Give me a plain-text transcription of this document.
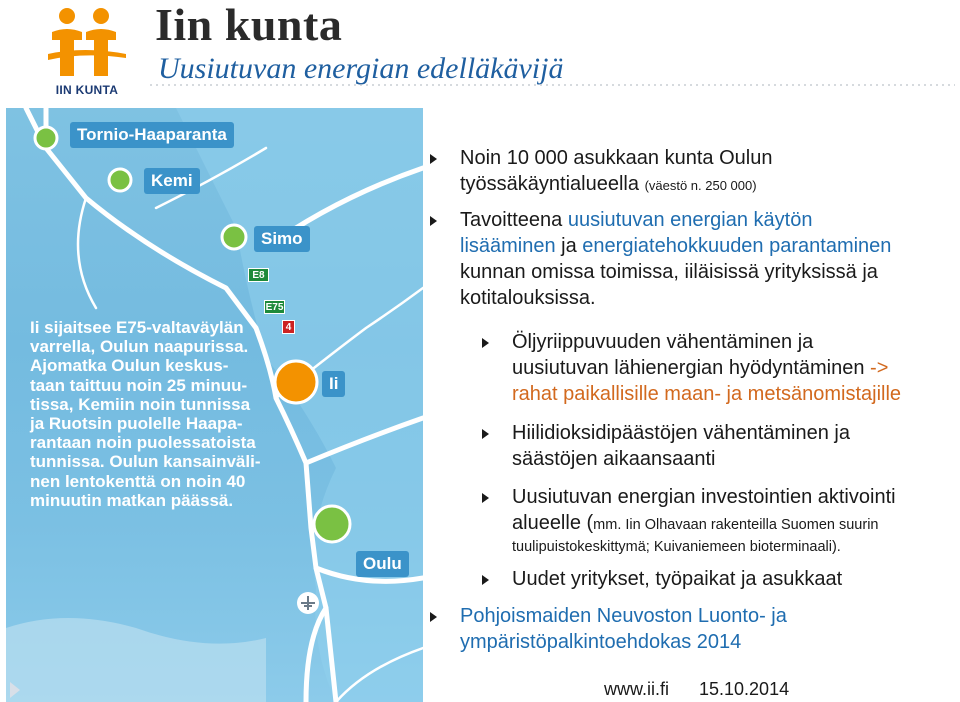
IIN KUNTA
Iin kunta
Uusiutuvan energian edelläkävijä
Tornio-Haaparanta
Kemi
Simo
Ii
Oulu
E8
E75
4
Ii sijaitsee E75-valtaväylän
varrella, Oulun naapurissa.
Ajomatka Oulun keskus-
taan taittuu noin 25 minuu-
tissa, Kemiin noin tunnissa
ja Ruotsin puolelle Haapa-
rantaan noin puolessatoista
tunnissa. Oulun kansainväli-
nen lentokenttä on noin 40
minuutin matkan päässä.
Noin 10 000 asukkaan kunta Oulun
työssäkäyntialueella (väestö n. 250 000)
Tavoitteena uusiutuvan energian käytön
lisääminen ja energiatehokkuuden parantaminen
kunnan omissa toimissa, iiläisissä yrityksissä ja
kotitalouksissa.
Öljyriippuvuuden vähentäminen ja
uusiutuvan lähienergian hyödyntäminen ->
rahat paikallisille maan- ja metsänomistajille
Hiilidioksidipäästöjen vähentäminen ja
säästöjen aikaansaanti
Uusiutuvan energian investointien aktivointi
alueelle (mm. Iin Olhavaan rakenteilla Suomen suurin
tuulipuistokeskittymä; Kuivaniemeen bioterminaali).
Uudet yritykset, työpaikat ja asukkaat
Pohjoismaiden Neuvoston Luonto- ja
ympäristöpalkintoehdokas 2014
www.ii.fi 15.10.2014
